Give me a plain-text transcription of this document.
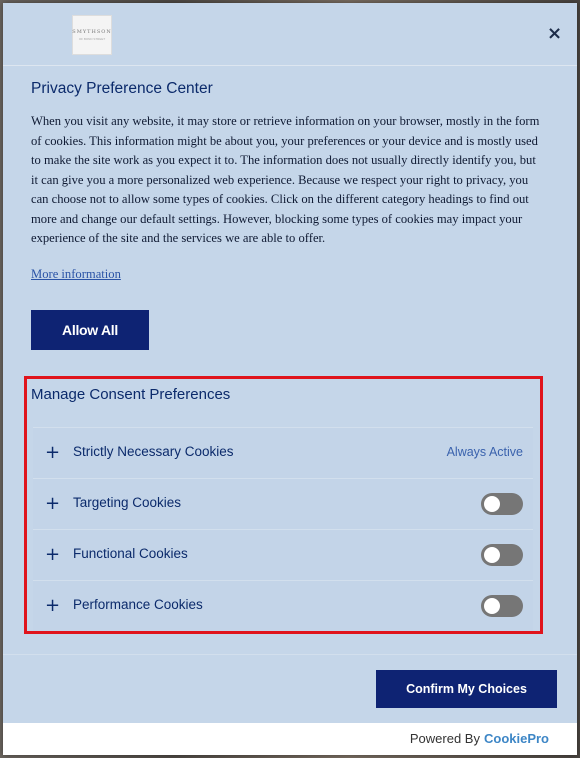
SMYTHSON
OF BOND STREET	×
Privacy Preference Center
When you visit any website, it may store or retrieve information on your browser, mostly in the form of cookies. This information might be about you, your preferences or your device and is mostly used to make the site work as you expect it to. The information does not usually directly identify you, but it can give you a more personalized web experience. Because we respect your right to privacy, you can choose not to allow some types of cookies. Click on the different category headings to find out more and change our default settings. However, blocking some types of cookies may impact your experience of the site and the services we are able to offer.
More information
Allow All
Manage Consent Preferences
+ Strictly Necessary Cookies	Always Active
+ Targeting Cookies
+ Functional Cookies
+ Performance Cookies
Confirm My Choices
Powered By CookiePro
